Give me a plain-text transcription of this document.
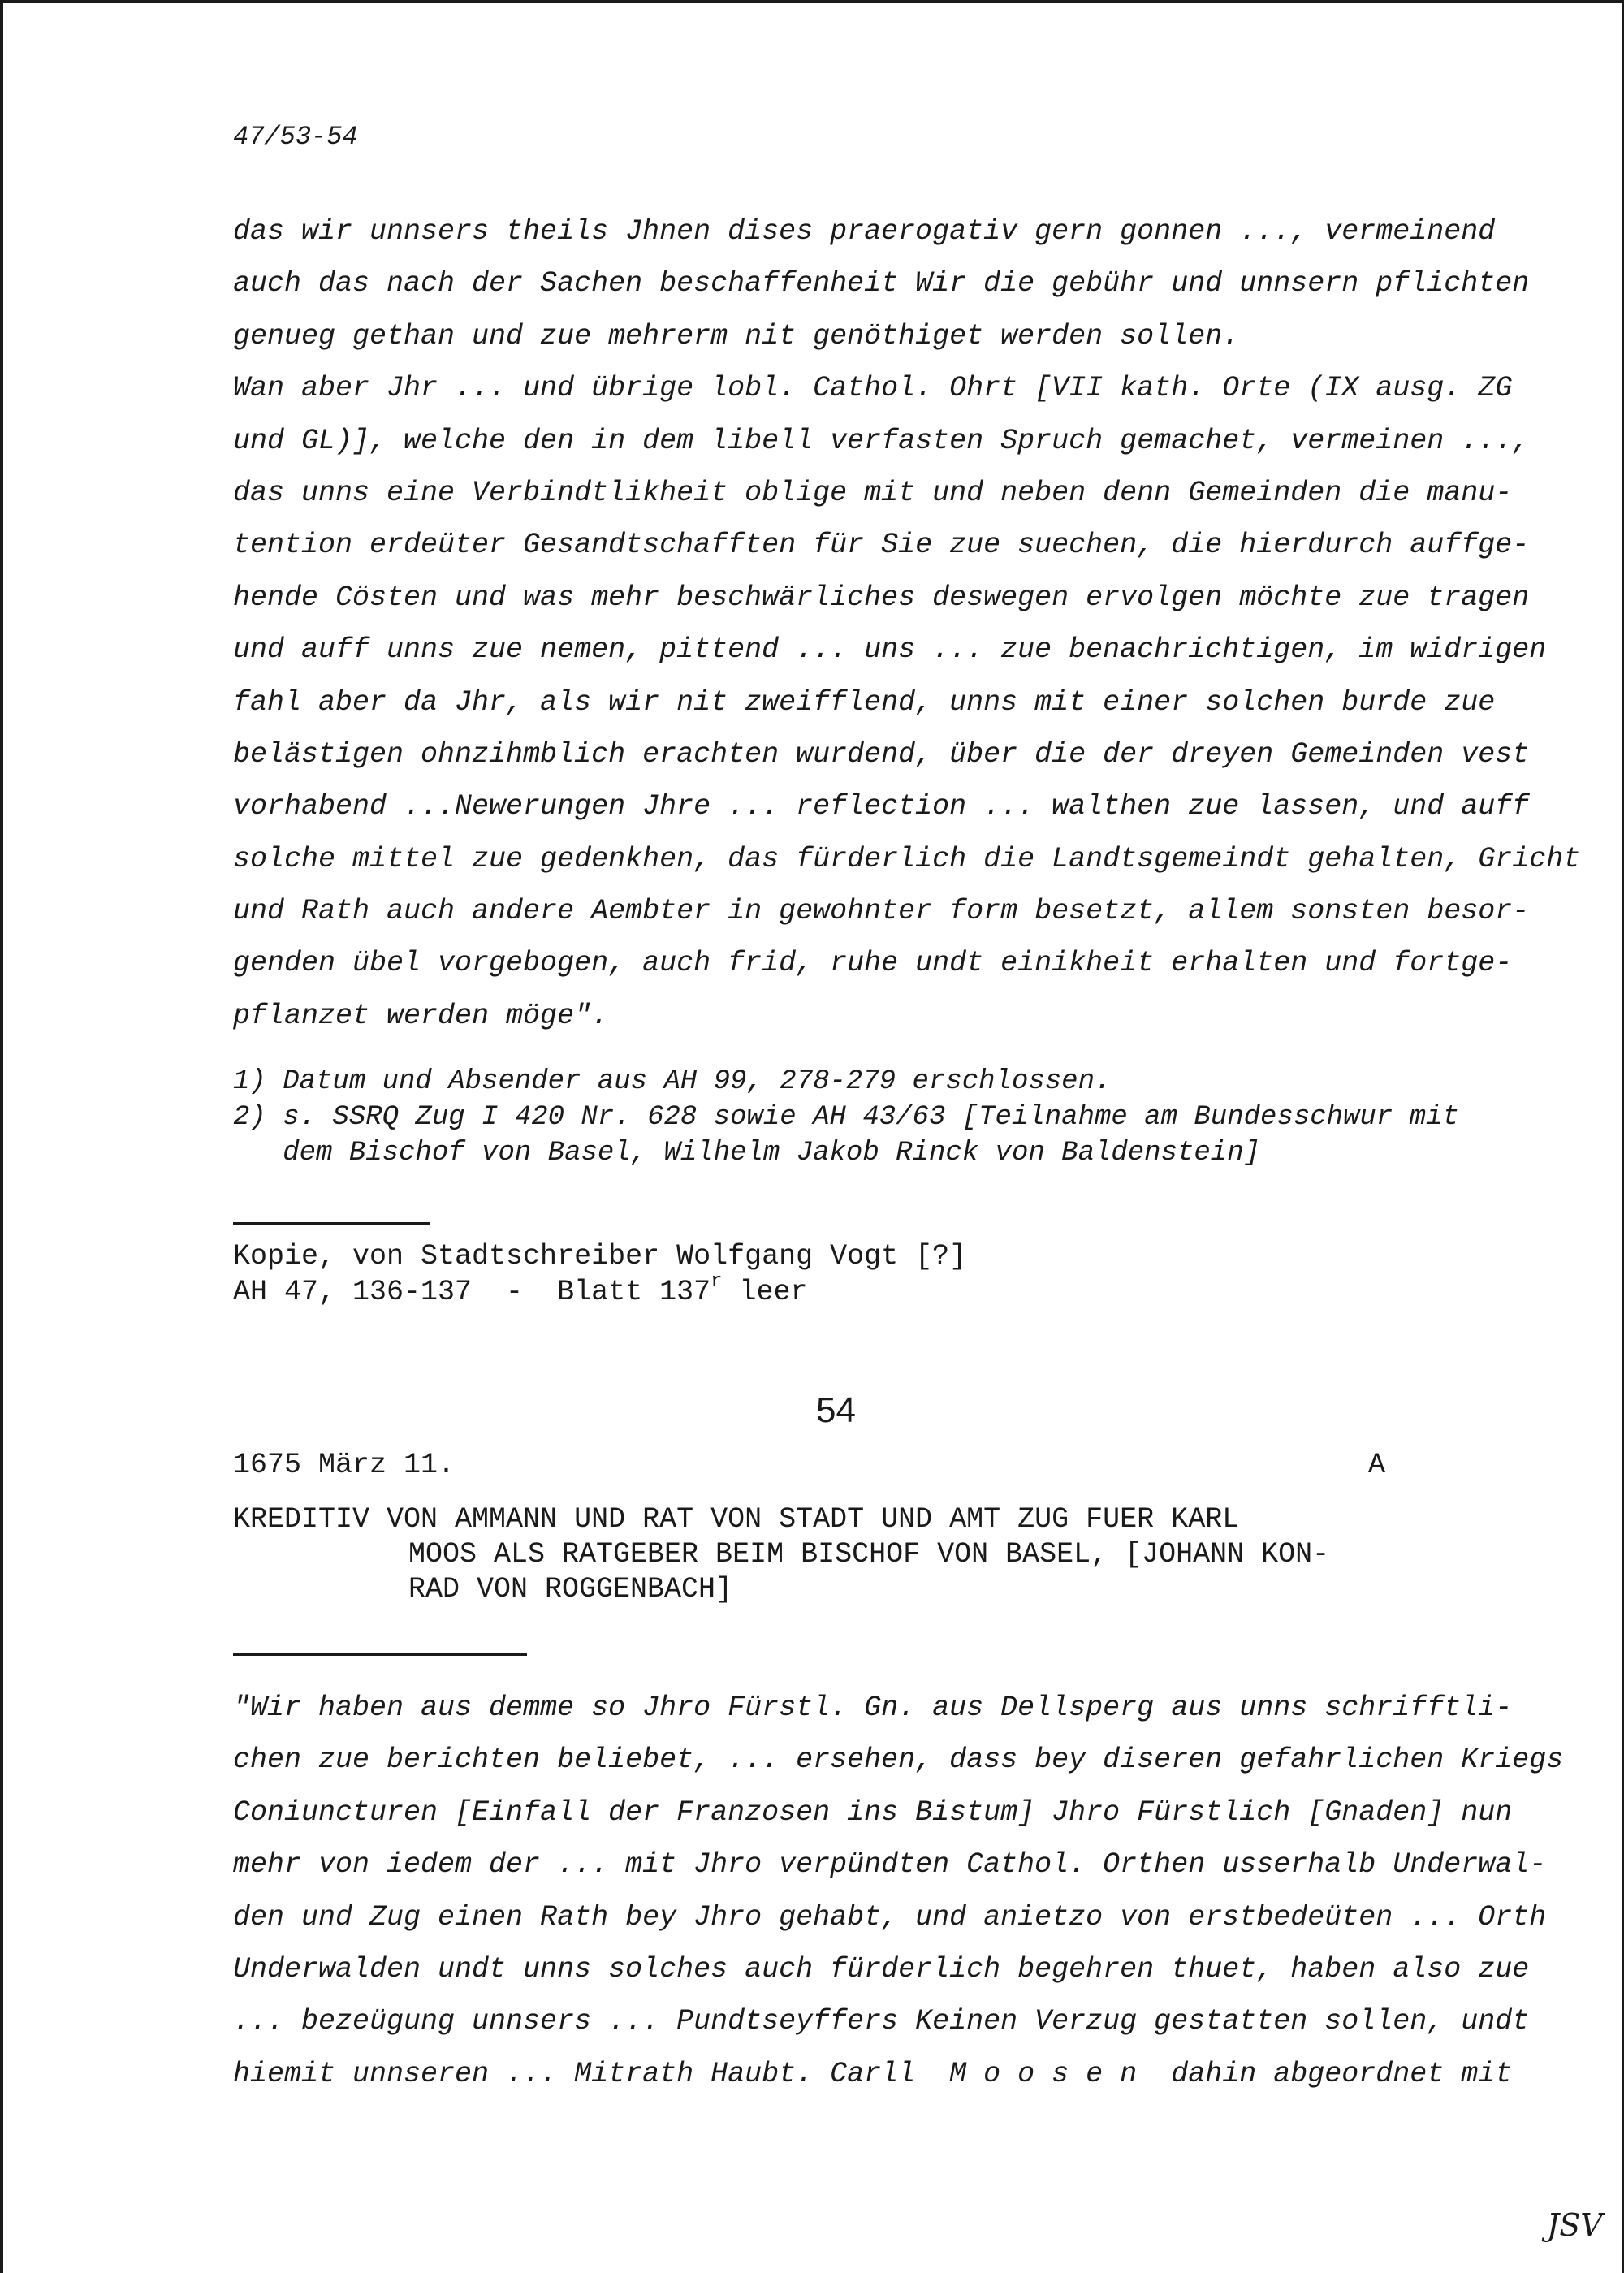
47/53-54
das wir unnsers theils Jhnen dises praerogativ gern gonnen ..., vermeinend
auch das nach der Sachen beschaffenheit Wir die gebühr und unnsern pflichten
genueg gethan und zue mehrerm nit genöthiget werden sollen.
Wan aber Jhr ... und übrige lobl. Cathol. Ohrt [VII kath. Orte (IX ausg. ZG
und GL)], welche den in dem libell verfasten Spruch gemachet, vermeinen ...,
das unns eine Verbindtlikheit oblige mit und neben denn Gemeinden die manu-
tention erdeüter Gesandtschafften für Sie zue suechen, die hierdurch auffge-
hende Cösten und was mehr beschwärliches deswegen ervolgen möchte zue tragen
und auff unns zue nemen, pittend ... uns ... zue benachrichtigen, im widrigen
fahl aber da Jhr, als wir nit zweifflend, unns mit einer solchen burde zue
belästigen ohnzihmblich erachten wurdend, über die der dreyen Gemeinden vest
vorhabend ...Newerungen Jhre ... reflection ... walthen zue lassen, und auff
solche mittel zue gedenkhen, das fürderlich die Landtsgemeindt gehalten, Gricht
und Rath auch andere Aembter in gewohnter form besetzt, allem sonsten besor-
genden übel vorgebogen, auch frid, ruhe undt einikheit erhalten und fortge-
pflanzet werden möge".
1) Datum und Absender aus AH 99, 278-279 erschlossen.
2) s. SSRQ Zug I 420 Nr. 628 sowie AH 43/63 [Teilnahme am Bundesschwur mit
dem Bischof von Basel, Wilhelm Jakob Rinck von Baldenstein]
Kopie, von Stadtschreiber Wolfgang Vogt [?]
AH 47, 136-137  -  Blatt 137$^r$ leer
54
1675 März 11.	A
KREDITIV VON AMMANN UND RAT VON STADT UND AMT ZUG FUER KARL
MOOS ALS RATGEBER BEIM BISCHOF VON BASEL, [JOHANN KON-
RAD VON ROGGENBACH]
"Wir haben aus demme so Jhro Fürstl. Gn. aus Dellsperg aus unns schrifftli-
chen zue berichten beliebet, ... ersehen, dass bey diseren gefahrlichen Kriegs
Coniuncturen [Einfall der Franzosen ins Bistum] Jhro Fürstlich [Gnaden] nun
mehr von iedem der ... mit Jhro verpündten Cathol. Orthen usserhalb Underwal-
den und Zug einen Rath bey Jhro gehabt, und anietzo von erstbedeüten ... Orth
Underwalden undt unns solches auch fürderlich begehren thuet, haben also zue
... bezeügung unnsers ... Pundtseyffers Keinen Verzug gestatten sollen, undt
hiemit unnseren ... Mitrath Haubt. Carll  M o o s e n  dahin abgeordnet mit
JSV
